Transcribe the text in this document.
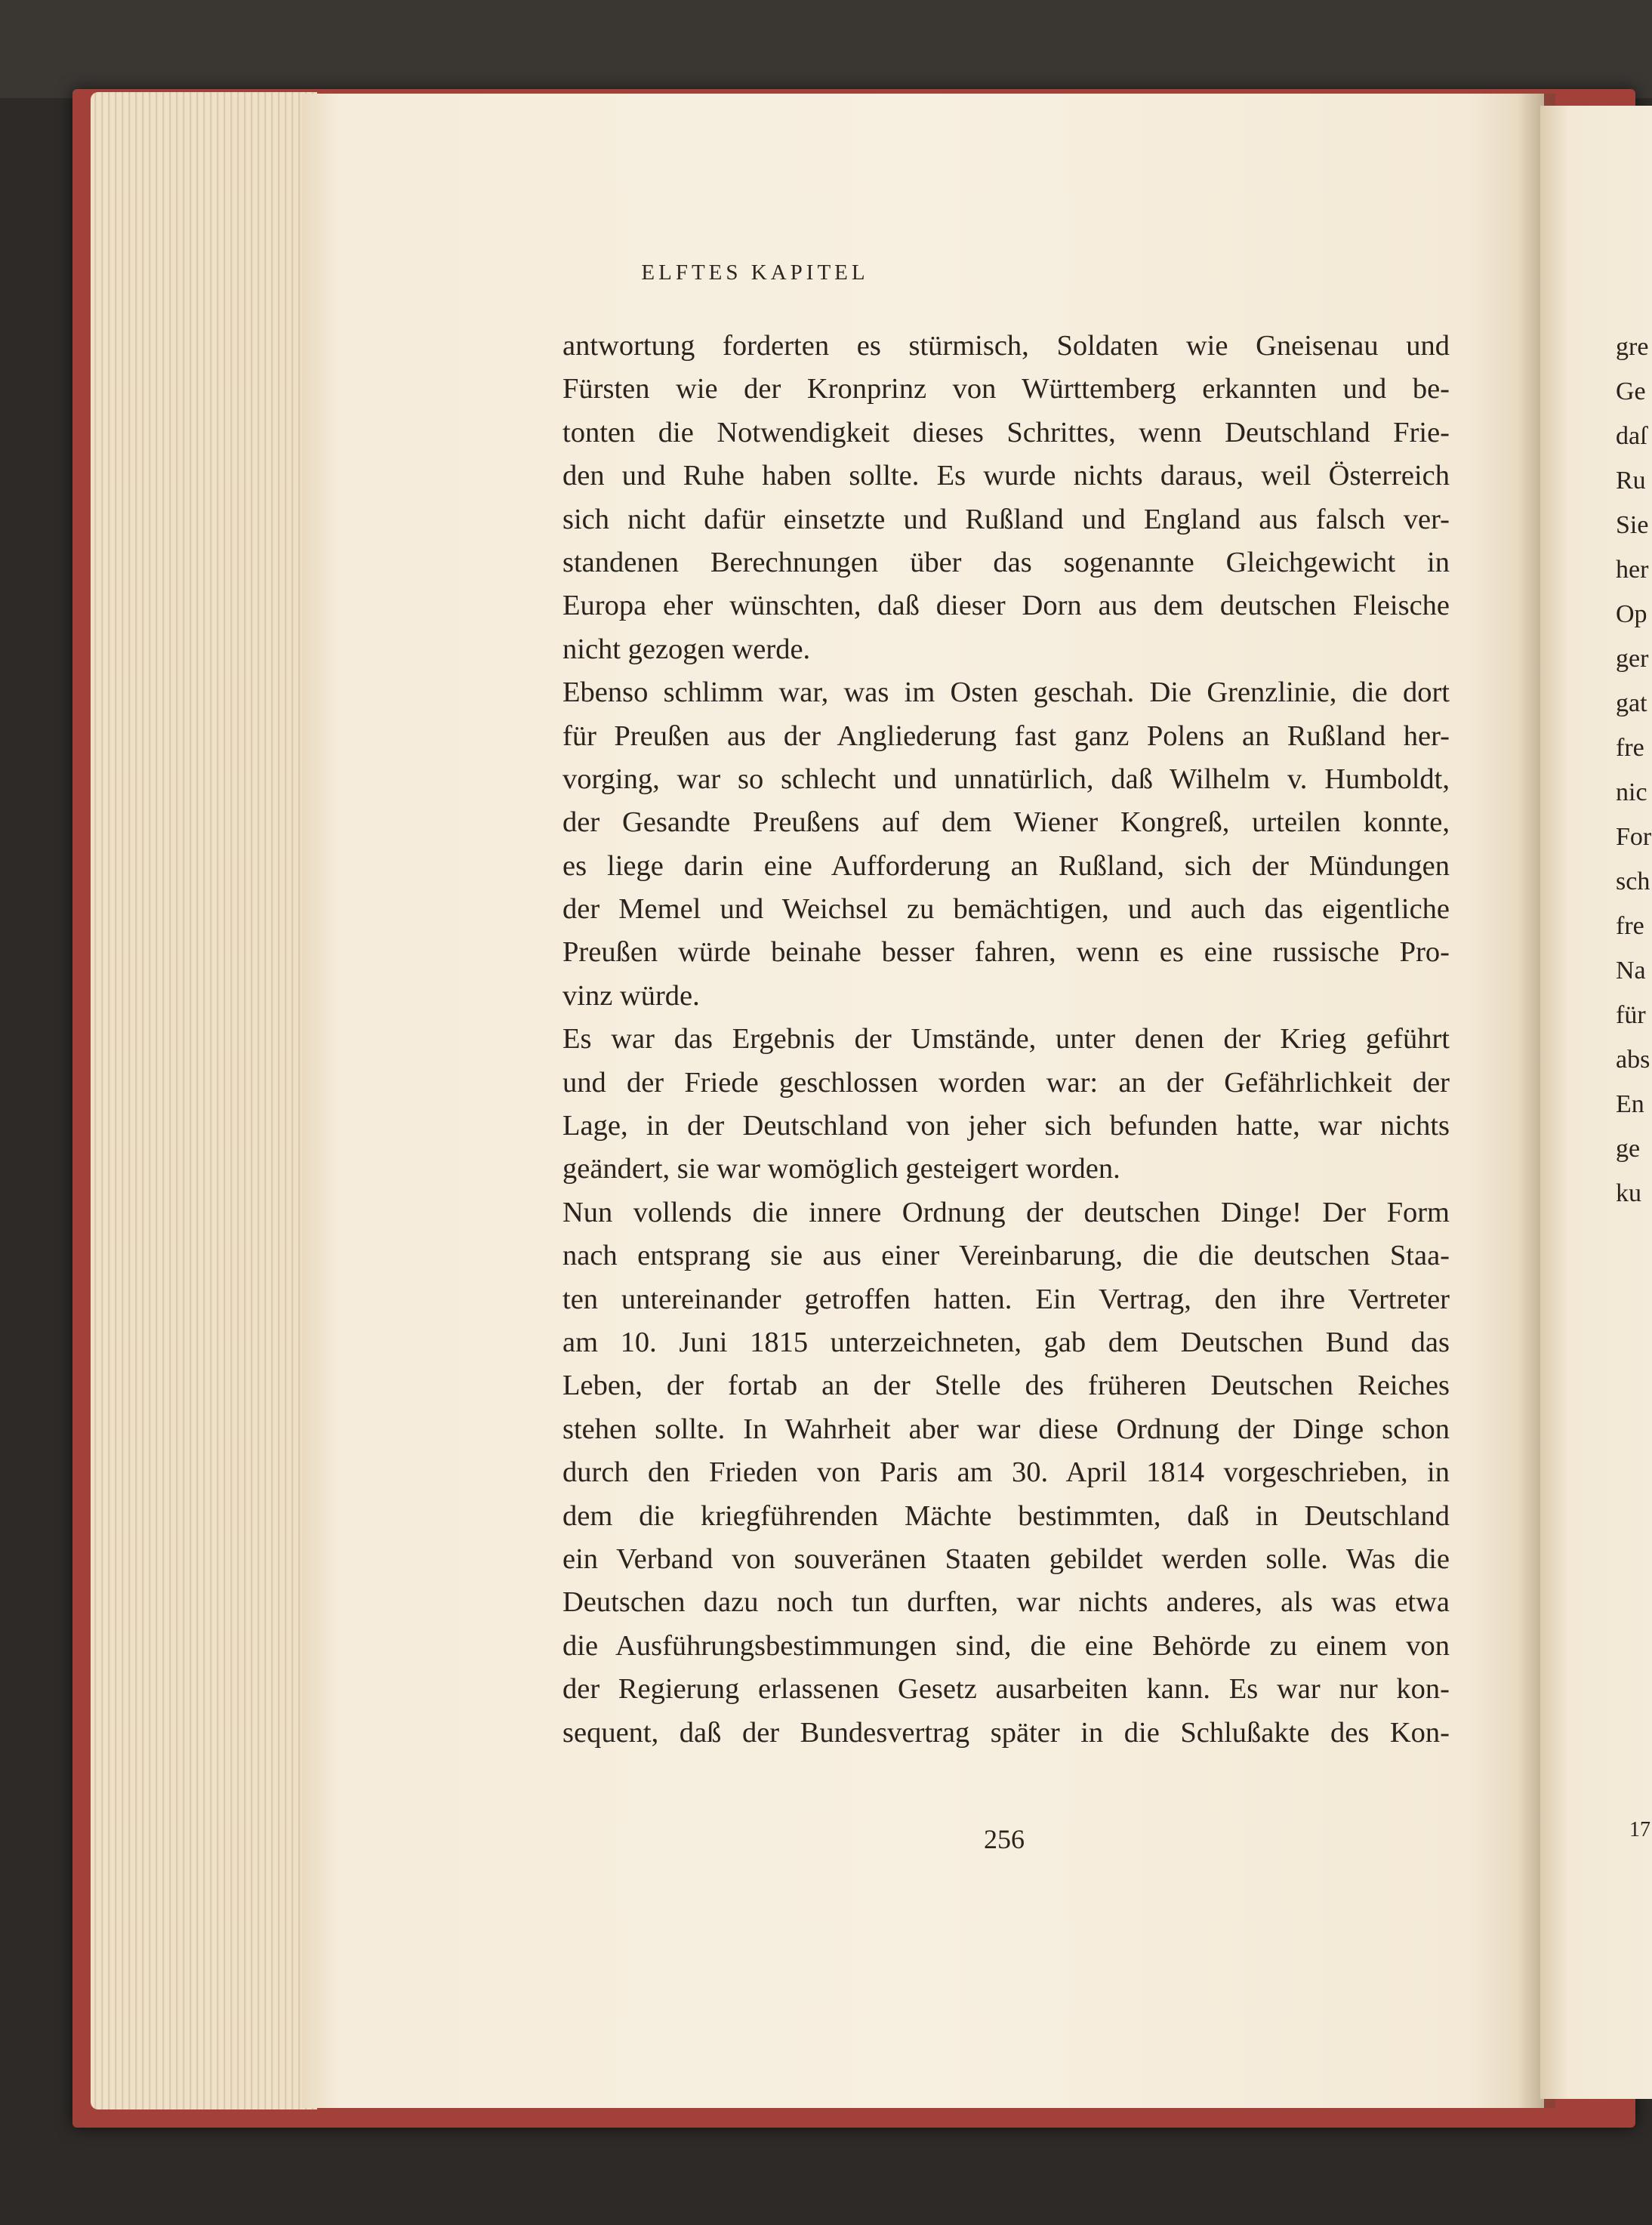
ELFTES KAPITEL
antwortung forderten es stürmisch, Soldaten wie Gneisenau und
Fürsten wie der Kronprinz von Württemberg erkannten und be-
tonten die Notwendigkeit dieses Schrittes, wenn Deutschland Frie-
den und Ruhe haben sollte. Es wurde nichts daraus, weil Österreich
sich nicht dafür einsetzte und Rußland und England aus falsch ver-
standenen Berechnungen über das sogenannte Gleichgewicht in
Europa eher wünschten, daß dieser Dorn aus dem deutschen Fleische
nicht gezogen werde.
Ebenso schlimm war, was im Osten geschah. Die Grenzlinie, die dort
für Preußen aus der Angliederung fast ganz Polens an Rußland her-
vorging, war so schlecht und unnatürlich, daß Wilhelm v. Humboldt,
der Gesandte Preußens auf dem Wiener Kongreß, urteilen konnte,
es liege darin eine Aufforderung an Rußland, sich der Mündungen
der Memel und Weichsel zu bemächtigen, und auch das eigentliche
Preußen würde beinahe besser fahren, wenn es eine russische Pro-
vinz würde.
Es war das Ergebnis der Umstände, unter denen der Krieg geführt
und der Friede geschlossen worden war: an der Gefährlichkeit der
Lage, in der Deutschland von jeher sich befunden hatte, war nichts
geändert, sie war womöglich gesteigert worden.
Nun vollends die innere Ordnung der deutschen Dinge! Der Form
nach entsprang sie aus einer Vereinbarung, die die deutschen Staa-
ten untereinander getroffen hatten. Ein Vertrag, den ihre Vertreter
am 10. Juni 1815 unterzeichneten, gab dem Deutschen Bund das
Leben, der fortab an der Stelle des früheren Deutschen Reiches
stehen sollte. In Wahrheit aber war diese Ordnung der Dinge schon
durch den Frieden von Paris am 30. April 1814 vorgeschrieben, in
dem die kriegführenden Mächte bestimmten, daß in Deutschland
ein Verband von souveränen Staaten gebildet werden solle. Was die
Deutschen dazu noch tun durften, war nichts anderes, als was etwa
die Ausführungsbestimmungen sind, die eine Behörde zu einem von
der Regierung erlassenen Gesetz ausarbeiten kann. Es war nur kon-
sequent, daß der Bundesvertrag später in die Schlußakte des Kon-
256
gre
Ge
daſ
Ru
Sie
her
Op
ger
gat
fre
nic
For
sch
fre
Na
für
abs
En
ge
ku
17
